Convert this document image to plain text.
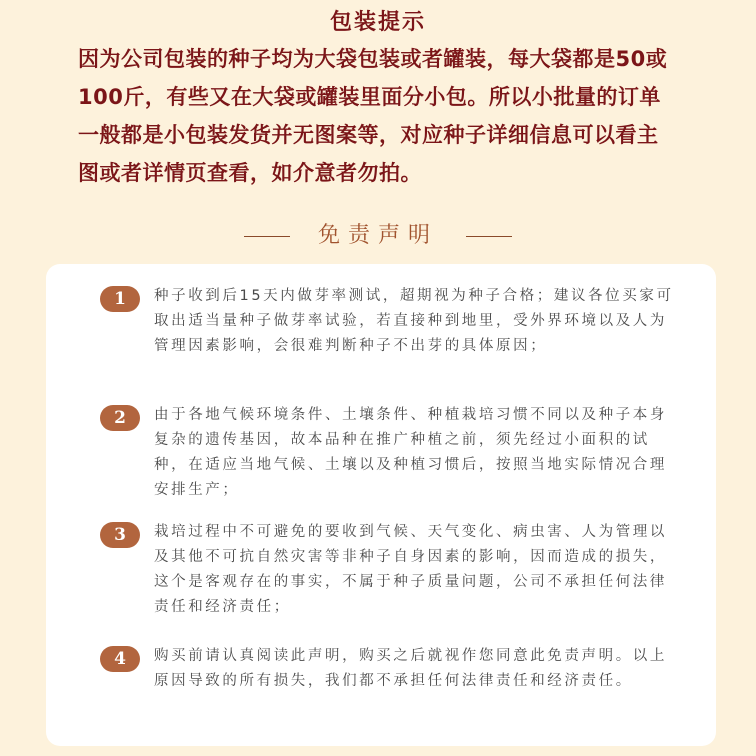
包装提示
因为公司包装的种子均为大袋包装或者罐装，每大袋都是50或100斤，有些又在大袋或罐装里面分小包。所以小批量的订单一般都是小包装发货并无图案等，对应种子详细信息可以看主图或者详情页查看，如介意者勿拍。
免责声明
1	种子收到后15天内做芽率测试，超期视为种子合格；建议各位买家可取出适当量种子做芽率试验，若直接种到地里，受外界环境以及人为管理因素影响，会很难判断种子不出芽的具体原因；
2	由于各地气候环境条件、土壤条件、种植栽培习惯不同以及种子本身复杂的遗传基因，故本品种在推广种植之前，须先经过小面积的试种，在适应当地气候、土壤以及种植习惯后，按照当地实际情况合理安排生产；
3	栽培过程中不可避免的要收到气候、天气变化、病虫害、人为管理以及其他不可抗自然灾害等非种子自身因素的影响，因而造成的损失，这个是客观存在的事实，不属于种子质量问题，公司不承担任何法律责任和经济责任；
4	购买前请认真阅读此声明，购买之后就视作您同意此免责声明。以上原因导致的所有损失，我们都不承担任何法律责任和经济责任。
